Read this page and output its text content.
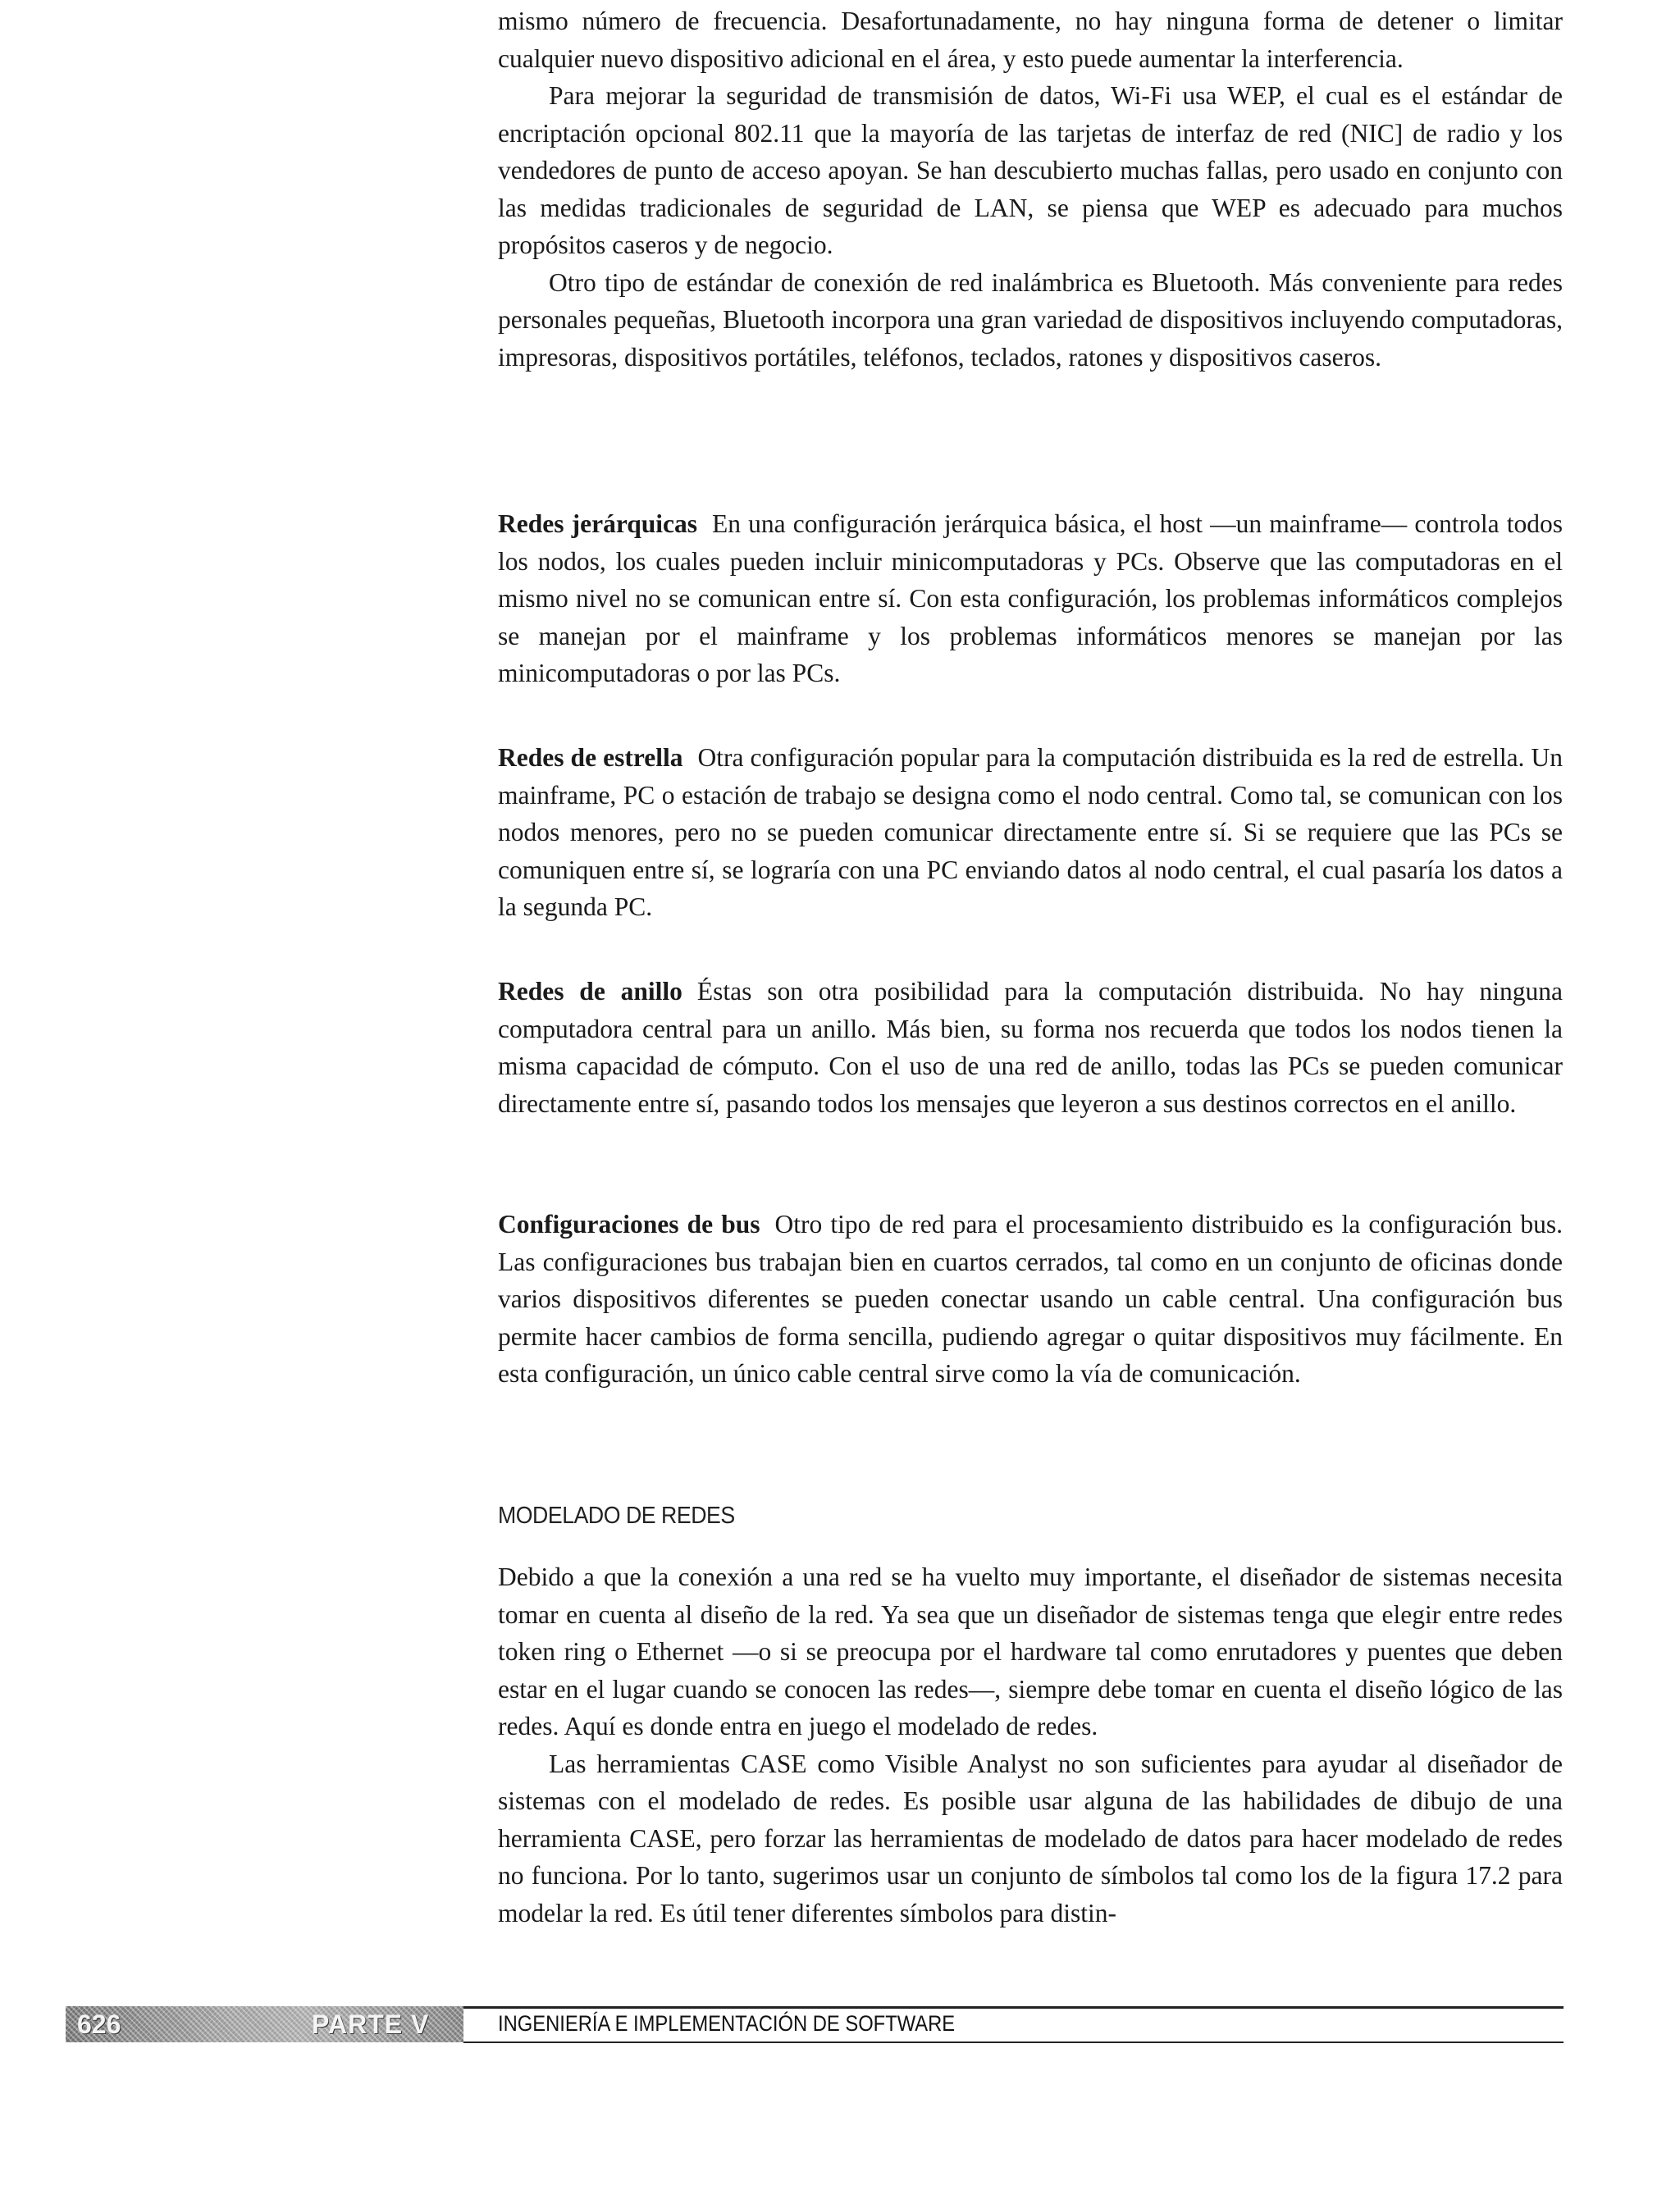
mismo número de frecuencia. Desafortunadamente, no hay ninguna forma de detener o limitar cualquier nuevo dispositivo adicional en el área, y esto puede aumentar la interferencia.

Para mejorar la seguridad de transmisión de datos, Wi-Fi usa WEP, el cual es el estándar de encriptación opcional 802.11 que la mayoría de las tarjetas de interfaz de red (NIC] de radio y los vendedores de punto de acceso apoyan. Se han descubierto muchas fallas, pero usado en conjunto con las medidas tradicionales de seguridad de LAN, se piensa que WEP es adecuado para muchos propósitos caseros y de negocio.

Otro tipo de estándar de conexión de red inalámbrica es Bluetooth. Más conveniente para redes personales pequeñas, Bluetooth incorpora una gran variedad de dispositivos incluyendo computadoras, impresoras, dispositivos portátiles, teléfonos, teclados, ratones y dispositivos caseros.

Redes jerárquicas En una configuración jerárquica básica, el host —un mainframe— controla todos los nodos, los cuales pueden incluir minicomputadoras y PCs. Observe que las computadoras en el mismo nivel no se comunican entre sí. Con esta configuración, los problemas informáticos complejos se manejan por el mainframe y los problemas informáticos menores se manejan por las minicomputadoras o por las PCs.

Redes de estrella Otra configuración popular para la computación distribuida es la red de estrella. Un mainframe, PC o estación de trabajo se designa como el nodo central. Como tal, se comunican con los nodos menores, pero no se pueden comunicar directamente entre sí. Si se requiere que las PCs se comuniquen entre sí, se lograría con una PC enviando datos al nodo central, el cual pasaría los datos a la segunda PC.

Redes de anillo Éstas son otra posibilidad para la computación distribuida. No hay ninguna computadora central para un anillo. Más bien, su forma nos recuerda que todos los nodos tienen la misma capacidad de cómputo. Con el uso de una red de anillo, todas las PCs se pueden comunicar directamente entre sí, pasando todos los mensajes que leyeron a sus destinos correctos en el anillo.

Configuraciones de bus Otro tipo de red para el procesamiento distribuido es la configuración bus. Las configuraciones bus trabajan bien en cuartos cerrados, tal como en un conjunto de oficinas donde varios dispositivos diferentes se pueden conectar usando un cable central. Una configuración bus permite hacer cambios de forma sencilla, pudiendo agregar o quitar dispositivos muy fácilmente. En esta configuración, un único cable central sirve como la vía de comunicación.

MODELADO DE REDES

Debido a que la conexión a una red se ha vuelto muy importante, el diseñador de sistemas necesita tomar en cuenta al diseño de la red. Ya sea que un diseñador de sistemas tenga que elegir entre redes token ring o Ethernet —o si se preocupa por el hardware tal como enrutadores y puentes que deben estar en el lugar cuando se conocen las redes—, siempre debe tomar en cuenta el diseño lógico de las redes. Aquí es donde entra en juego el modelado de redes.

Las herramientas CASE como Visible Analyst no son suficientes para ayudar al diseñador de sistemas con el modelado de redes. Es posible usar alguna de las habilidades de dibujo de una herramienta CASE, pero forzar las herramientas de modelado de datos para hacer modelado de redes no funciona. Por lo tanto, sugerimos usar un conjunto de símbolos tal como los de la figura 17.2 para modelar la red. Es útil tener diferentes símbolos para distin-

626	PARTE V	INGENIERÍA E IMPLEMENTACIÓN DE SOFTWARE
